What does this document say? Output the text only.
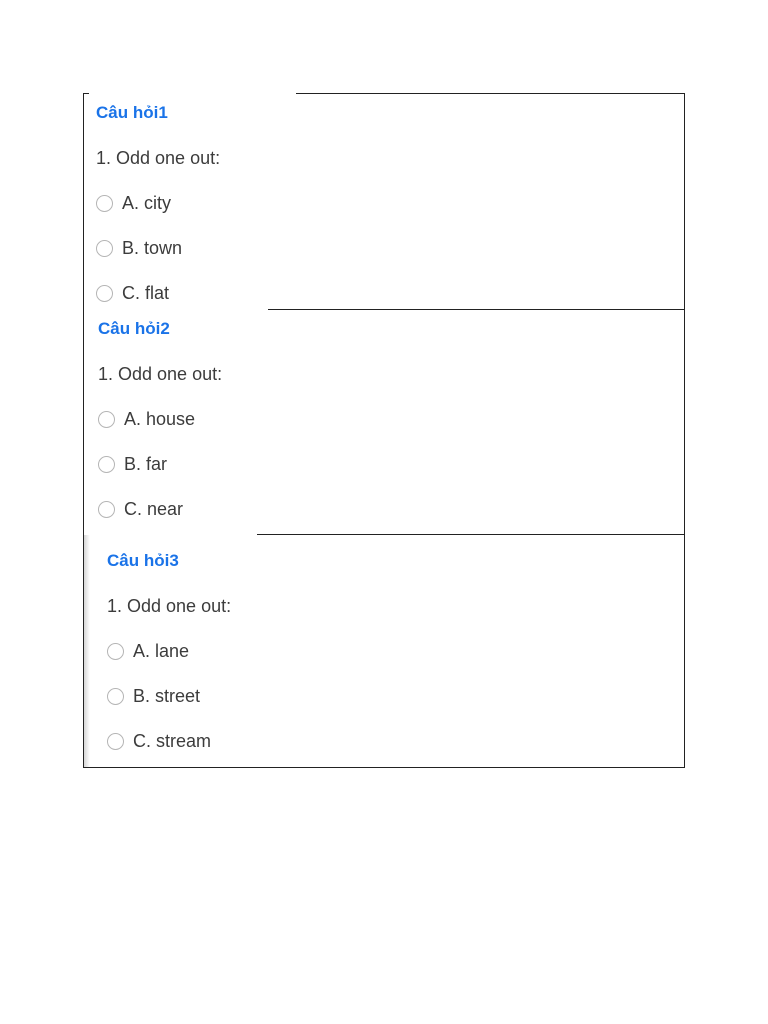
Câu hỏi1
1. Odd one out:
A. city
B. town
C. flat
Câu hỏi2
1. Odd one out:
A. house
B. far
C. near
Câu hỏi3
1. Odd one out:
A. lane
B. street
C. stream
